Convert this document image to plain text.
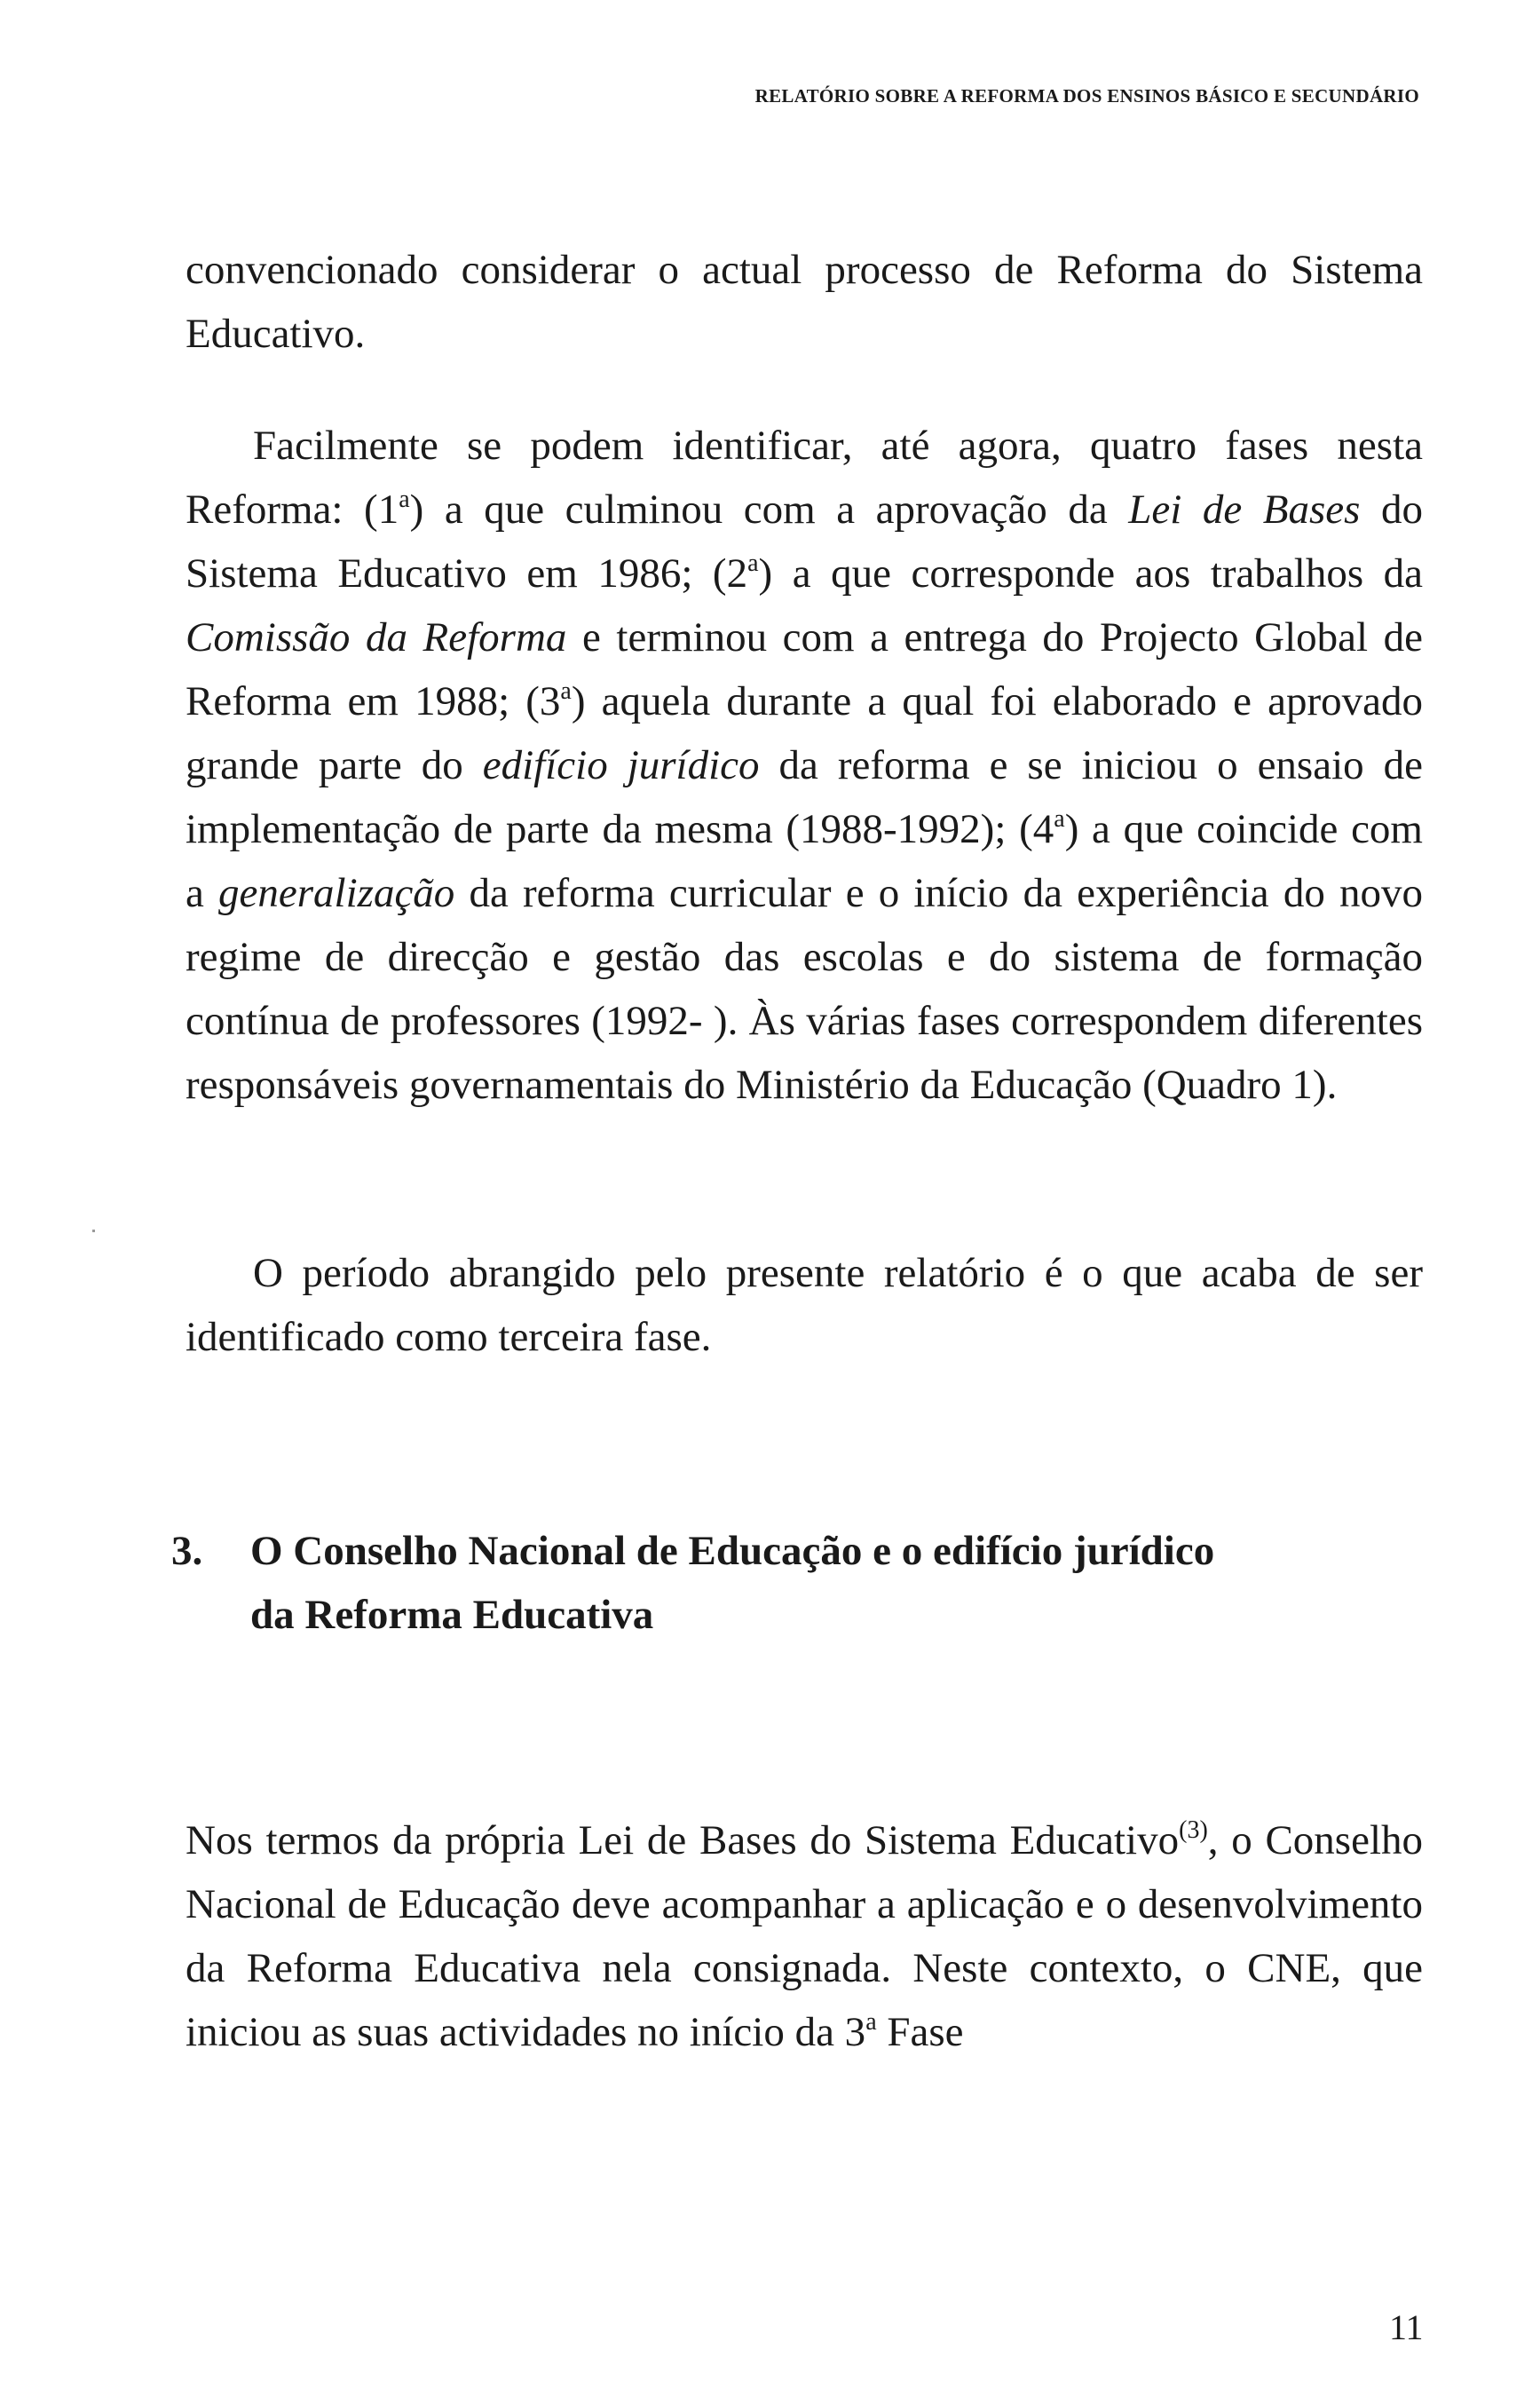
RELATÓRIO SOBRE A REFORMA DOS ENSINOS BÁSICO E SECUNDÁRIO

convencionado considerar o actual processo de Reforma do Sistema Educativo.

Facilmente se podem identificar, até agora, quatro fases nesta Reforma: (1$^a$) a que culminou com a aprovação da Lei de Bases do Sistema Educativo em 1986; (2$^a$) a que corresponde aos trabalhos da Comissão da Reforma e terminou com a entrega do Projecto Global de Reforma em 1988; (3$^a$) aquela durante a qual foi elaborado e aprovado grande parte do edifício jurídico da reforma e se iniciou o ensaio de implementação de parte da mesma (1988-1992); (4$^a$) a que coincide com a generalização da reforma curricular e o início da experiência do novo regime de direcção e gestão das escolas e do sistema de formação contínua de professores (1992- ). Às várias fases correspondem diferentes responsáveis governamentais do Ministério da Educação (Quadro 1).

O período abrangido pelo presente relatório é o que acaba de ser identificado como terceira fase.

3. O Conselho Nacional de Educação e o edifício jurídico
da Reforma Educativa

Nos termos da própria Lei de Bases do Sistema Educativo$^{(3)}$, o Conselho Nacional de Educação deve acompanhar a aplicação e o desenvolvimento da Reforma Educativa nela consignada. Neste contexto, o CNE, que iniciou as suas actividades no início da 3$^a$ Fase

11
